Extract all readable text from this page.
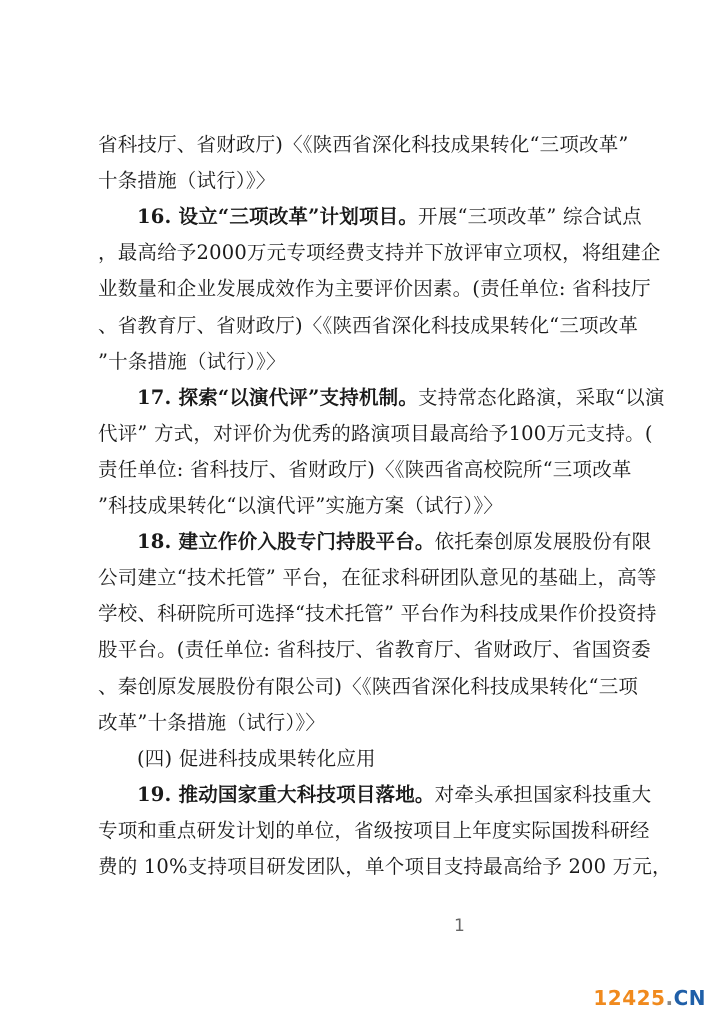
省科技厅、省财政厅)〈《陕西省深化科技成果转化“三项改革”
十条措施（试行）》〉
16. 设立“三项改革”计划项目。开展“三项改革” 综合试点
，最高给予2000万元专项经费支持并下放评审立项权，将组建企
业数量和企业发展成效作为主要评价因素。(责任单位: 省科技厅
、省教育厅、省财政厅)〈《陕西省深化科技成果转化“三项改革
”十条措施（试行）》〉
17. 探索“以演代评”支持机制。支持常态化路演，采取“以演
代评” 方式，对评价为优秀的路演项目最高给予100万元支持。(
责任单位: 省科技厅、省财政厅)〈《陕西省高校院所“三项改革
”科技成果转化“以演代评”实施方案（试行）》〉
18. 建立作价入股专门持股平台。依托秦创原发展股份有限
公司建立“技术托管” 平台，在征求科研团队意见的基础上，高等
学校、科研院所可选择“技术托管” 平台作为科技成果作价投资持
股平台。(责任单位: 省科技厅、省教育厅、省财政厅、省国资委
、秦创原发展股份有限公司)〈《陕西省深化科技成果转化“三项
改革”十条措施（试行）》〉
(四) 促进科技成果转化应用
19. 推动国家重大科技项目落地。对牵头承担国家科技重大
专项和重点研发计划的单位，省级按项目上年度实际国拨科研经
费的 10%支持项目研发团队，单个项目支持最高给予 200 万元，
1
12425.CN
